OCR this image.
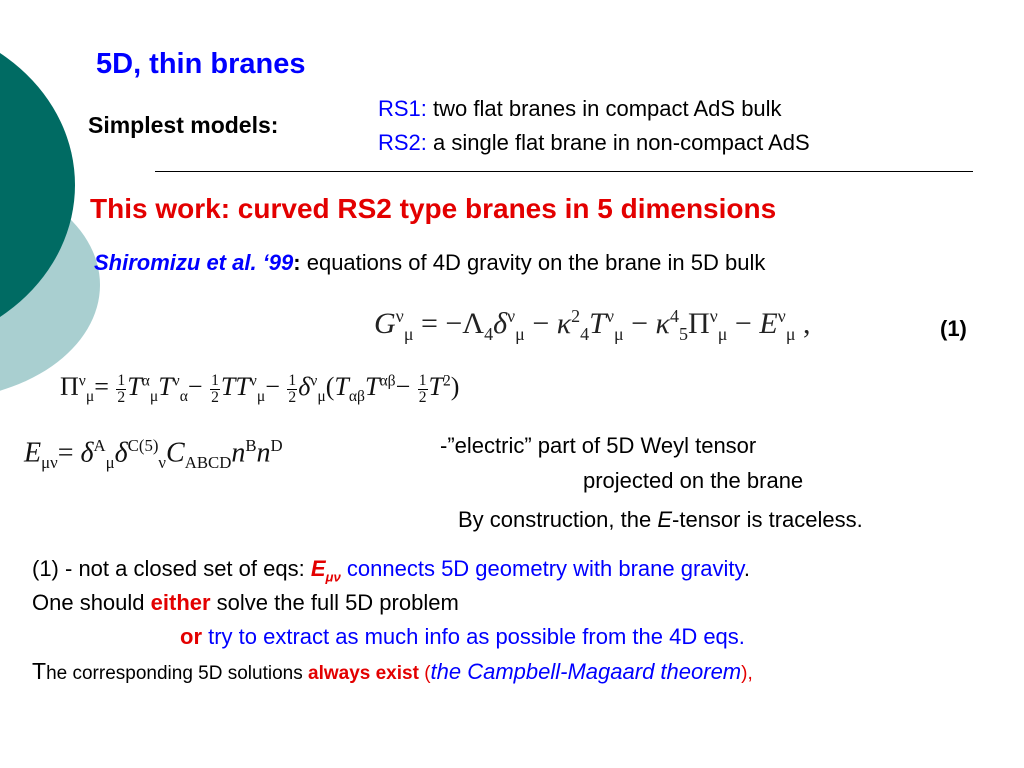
5D, thin branes
Simplest models:
RS1: two flat branes in compact AdS bulk
RS2: a single flat brane in non-compact AdS
This work: curved RS2 type branes in 5 dimensions
Shiromizu et al. ‘99: equations of 4D gravity on the brane in 5D bulk
$G^\nu_\mu = -\Lambda_4\delta^\nu_\mu - \kappa^2_4T^\nu_\mu - \kappa^4_5\Pi^\nu_\mu - E^\nu_\mu$ ,	(1)
$\Pi^\nu_\mu= \frac{1}{2} T^\alpha_\mu T^\nu_\alpha- \frac{1}{2} TT^\nu_\mu- \frac{1}{2} \delta^\nu_\mu(T_{\alpha\beta}T^{\alpha\beta}- \frac{1}{2} T^2)$
$E_{\mu\nu}= \delta^A_\mu\delta^{C(5)}_\nu C_{ABCD}n^Bn^D$	-”electric” part of 5D Weyl tensor
projected on the brane
By construction, the E-tensor is traceless.
(1) - not a closed set of eqs: $E_{\mu\nu}$ connects 5D geometry with brane gravity.
One should either solve the full 5D problem
or try to extract as much info as possible from the 4D eqs.
The corresponding 5D solutions always exist (the Campbell-Magaard theorem),
